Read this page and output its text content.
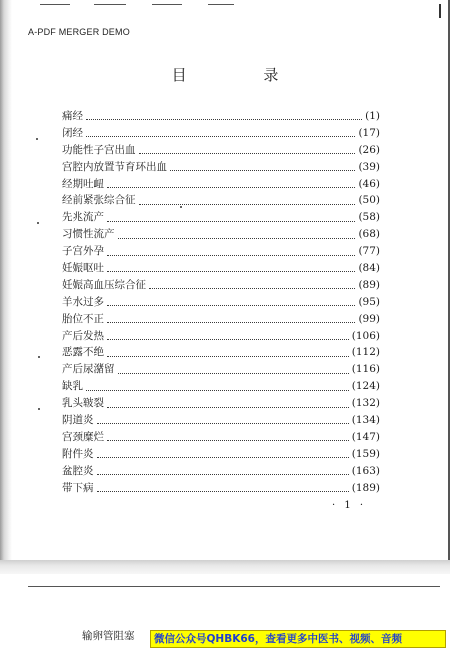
A-PDF MERGER DEMO
目 录
痛经	(1)
闭经	(17)
功能性子宫出血	(26)
宫腔内放置节育环出血	(39)
经期吐衄	(46)
经前紧张综合征	(50)
先兆流产	(58)
习惯性流产	(68)
子宫外孕	(77)
妊娠呕吐	(84)
妊娠高血压综合征	(89)
羊水过多	(95)
胎位不正	(99)
产后发热	(106)
恶露不绝	(112)
产后尿潴留	(116)
缺乳	(124)
乳头皲裂	(132)
阴道炎	(134)
宫颈糜烂	(147)
附件炎	(159)
盆腔炎	(163)
带下病	(189)
· 1 ·
输卵管阻塞	微信公众号QHBK66，查看更多中医书、视频、音频
